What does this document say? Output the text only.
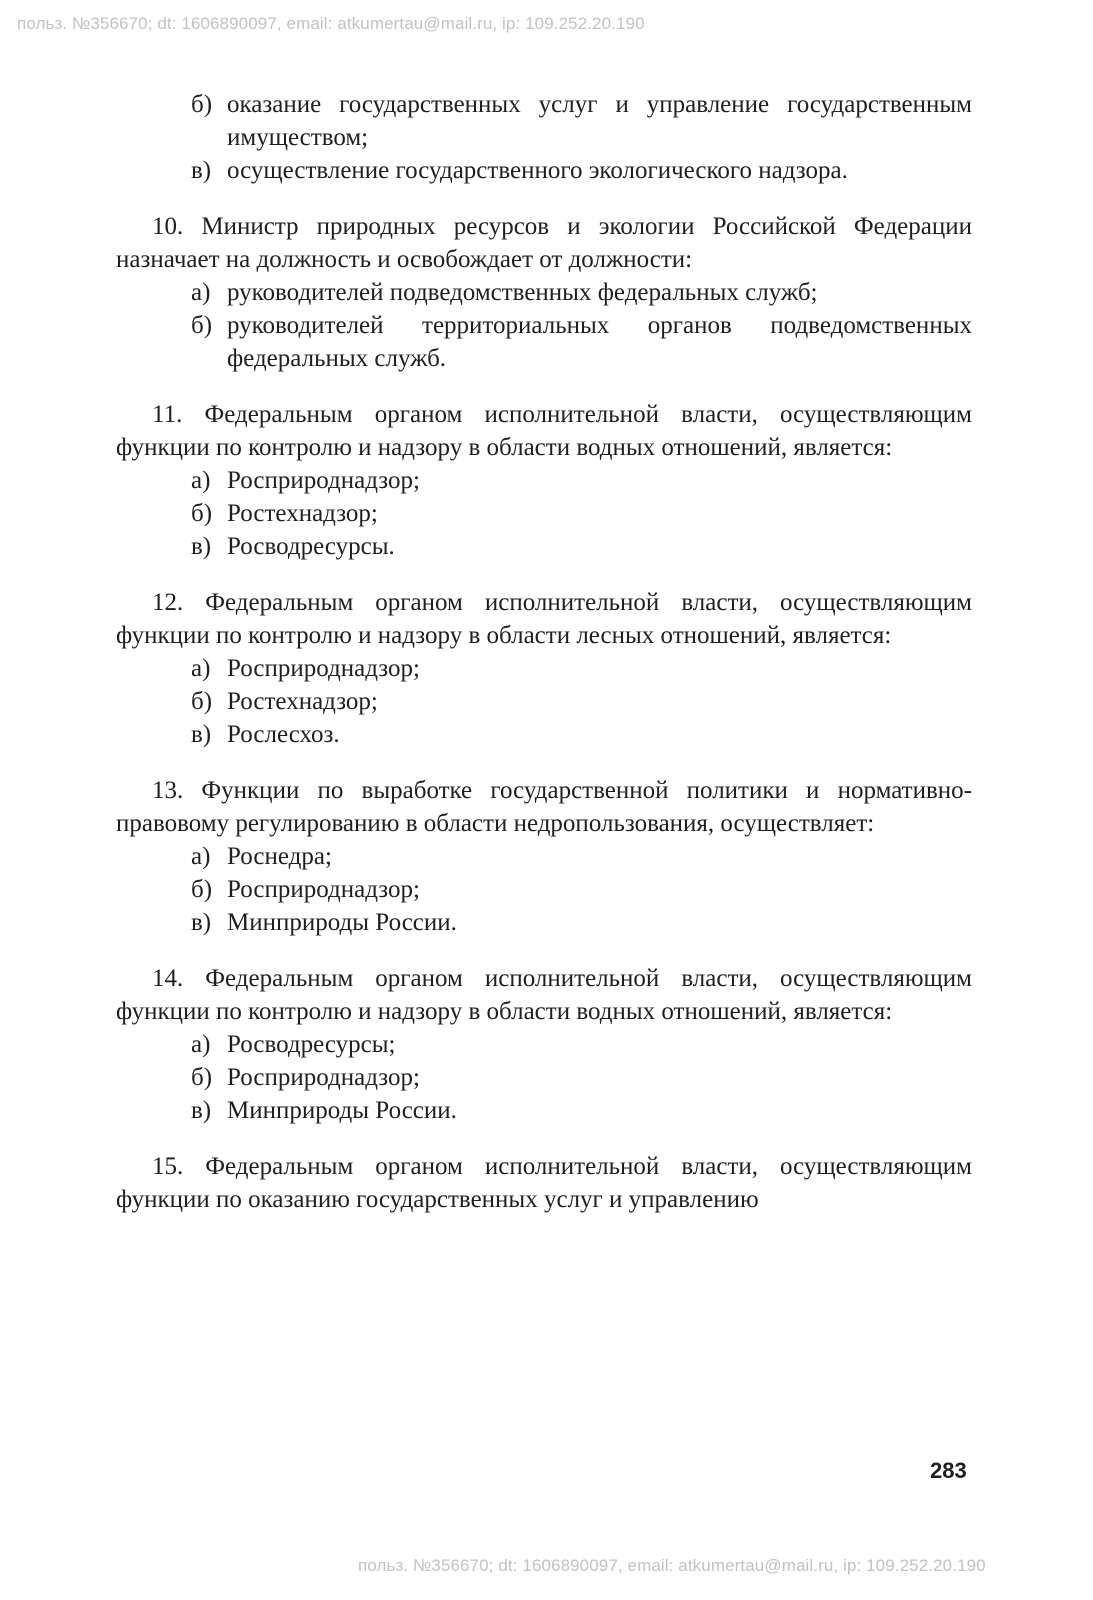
польз. №356670; dt: 1606890097, email: atkumertau@mail.ru, ip: 109.252.20.190
б) оказание государственных услуг и управление государственным имуществом;
в) осуществление государственного экологического надзора.
10. Министр природных ресурсов и экологии Российской Федерации назначает на должность и освобождает от должности:
а) руководителей подведомственных федеральных служб;
б) руководителей территориальных органов подведомственных федеральных служб.
11. Федеральным органом исполнительной власти, осуществляющим функции по контролю и надзору в области водных отношений, является:
а) Росприроднадзор;
б) Ростехнадзор;
в) Росводресурсы.
12. Федеральным органом исполнительной власти, осуществляющим функции по контролю и надзору в области лесных отношений, является:
а) Росприроднадзор;
б) Ростехнадзор;
в) Рослесхоз.
13. Функции по выработке государственной политики и нормативно-правовому регулированию в области недропользования, осуществляет:
а) Роснедра;
б) Росприроднадзор;
в) Минприроды России.
14. Федеральным органом исполнительной власти, осуществляющим функции по контролю и надзору в области водных отношений, является:
а) Росводресурсы;
б) Росприроднадзор;
в) Минприроды России.
15. Федеральным органом исполнительной власти, осуществляющим функции по оказанию государственных услуг и управлению
283
польз. №356670; dt: 1606890097, email: atkumertau@mail.ru, ip: 109.252.20.190
